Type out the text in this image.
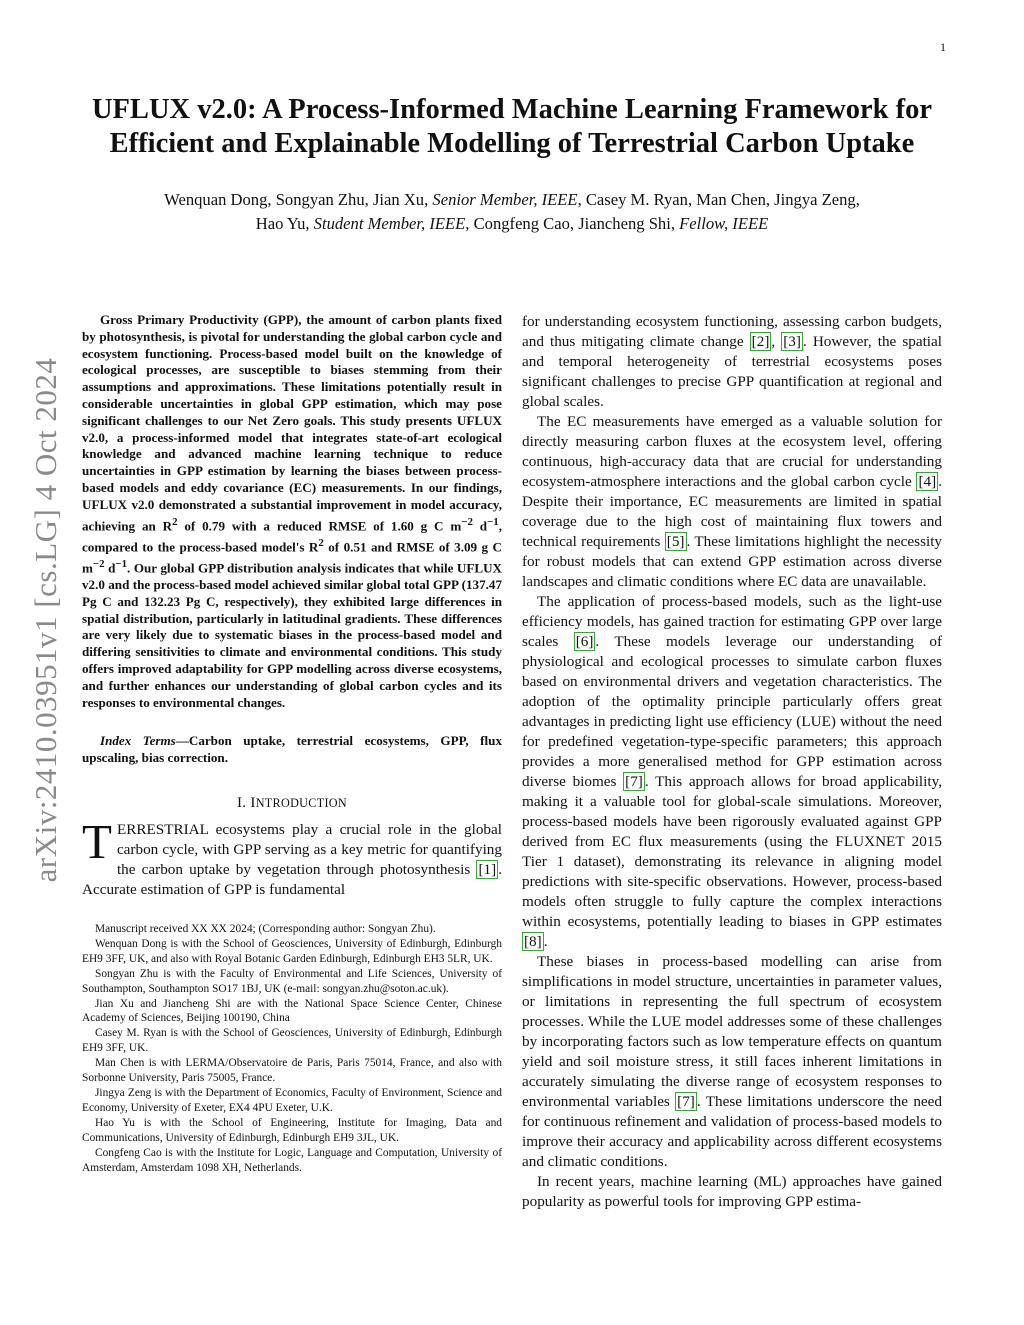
1
arXiv:2410.03951v1 [cs.LG] 4 Oct 2024
UFLUX v2.0: A Process-Informed Machine Learning Framework for
Efficient and Explainable Modelling of Terrestrial Carbon Uptake
Wenquan Dong, Songyan Zhu, Jian Xu, Senior Member, IEEE, Casey M. Ryan, Man Chen, Jingya Zeng,
Hao Yu, Student Member, IEEE, Congfeng Cao, Jiancheng Shi, Fellow, IEEE

Gross Primary Productivity (GPP), the amount of carbon plants fixed by photosynthesis, is pivotal for understanding the global carbon cycle and ecosystem functioning. Process-based model built on the knowledge of ecological processes, are susceptible to biases stemming from their assumptions and approximations. These limitations potentially result in considerable uncertainties in global GPP estimation, which may pose significant challenges to our Net Zero goals. This study presents UFLUX v2.0, a process-informed model that integrates state-of-art ecological knowledge and advanced machine learning technique to reduce uncertainties in GPP estimation by learning the biases between process-based models and eddy covariance (EC) measurements. In our findings, UFLUX v2.0 demonstrated a substantial improvement in model accuracy, achieving an $R^2$ of 0.79 with a reduced RMSE of 1.60 g C $m^{-2}$ $d^{-1}$, compared to the process-based model's $R^2$ of 0.51 and RMSE of 3.09 g C $m^{-2}$ $d^{-1}$. Our global GPP distribution analysis indicates that while UFLUX v2.0 and the process-based model achieved similar global total GPP (137.47 Pg C and 132.23 Pg C, respectively), they exhibited large differences in spatial distribution, particularly in latitudinal gradients. These differences are very likely due to systematic biases in the process-based model and differing sensitivities to climate and environmental conditions. This study offers improved adaptability for GPP modelling across diverse ecosystems, and further enhances our understanding of global carbon cycles and its responses to environmental changes.

Index Terms—Carbon uptake, terrestrial ecosystems, GPP, flux upscaling, bias correction.

I. INTRODUCTION

TERRESTRIAL ecosystems play a crucial role in the global carbon cycle, with GPP serving as a key metric for quantifying the carbon uptake by vegetation through photosynthesis [1] . Accurate estimation of GPP is fundamental

Manuscript received XX XX 2024; (Corresponding author: Songyan Zhu).

Wenquan Dong is with the School of Geosciences, University of Edinburgh, Edinburgh EH9 3FF, UK, and also with Royal Botanic Garden Edinburgh, Edinburgh EH3 5LR, UK.

Songyan Zhu is with the Faculty of Environmental and Life Sciences, University of Southampton, Southampton SO17 1BJ, UK (e-mail: songyan.zhu@soton.ac.uk).

Jian Xu and Jiancheng Shi are with the National Space Science Center, Chinese Academy of Sciences, Beijing 100190, China

Casey M. Ryan is with the School of Geosciences, University of Edinburgh, Edinburgh EH9 3FF, UK.

Man Chen is with LERMA/Observatoire de Paris, Paris 75014, France, and also with Sorbonne University, Paris 75005, France.

Jingya Zeng is with the Department of Economics, Faculty of Environment, Science and Economy, University of Exeter, EX4 4PU Exeter, U.K.

Hao Yu is with the School of Engineering, Institute for Imaging, Data and Communications, University of Edinburgh, Edinburgh EH9 3JL, UK.

Congfeng Cao is with the Institute for Logic, Language and Computation, University of Amsterdam, Amsterdam 1098 XH, Netherlands.

for understanding ecosystem functioning, assessing carbon budgets, and thus mitigating climate change [2] , [3] . However, the spatial and temporal heterogeneity of terrestrial ecosystems poses significant challenges to precise GPP quantification at regional and global scales.

The EC measurements have emerged as a valuable solution for directly measuring carbon fluxes at the ecosystem level, offering continuous, high-accuracy data that are crucial for understanding ecosystem-atmosphere interactions and the global carbon cycle [4] . Despite their importance, EC measurements are limited in spatial coverage due to the high cost of maintaining flux towers and technical requirements [5] . These limitations highlight the necessity for robust models that can extend GPP estimation across diverse landscapes and climatic conditions where EC data are unavailable.

The application of process-based models, such as the light-use efficiency models, has gained traction for estimating GPP over large scales [6] . These models leverage our understanding of physiological and ecological processes to simulate carbon fluxes based on environmental drivers and vegetation characteristics. The adoption of the optimality principle particularly offers great advantages in predicting light use efficiency (LUE) without the need for predefined vegetation-type-specific parameters; this approach provides a more generalised method for GPP estimation across diverse biomes [7] . This approach allows for broad applicability, making it a valuable tool for global-scale simulations. Moreover, process-based models have been rigorously evaluated against GPP derived from EC flux measurements (using the FLUXNET 2015 Tier 1 dataset), demonstrating its relevance in aligning model predictions with site-specific observations. However, process-based models often struggle to fully capture the complex interactions within ecosystems, potentially leading to biases in GPP estimates [8] .

These biases in process-based modelling can arise from simplifications in model structure, uncertainties in parameter values, or limitations in representing the full spectrum of ecosystem processes. While the LUE model addresses some of these challenges by incorporating factors such as low temperature effects on quantum yield and soil moisture stress, it still faces inherent limitations in accurately simulating the diverse range of ecosystem responses to environmental variables [7] . These limitations underscore the need for continuous refinement and validation of process-based models to improve their accuracy and applicability across different ecosystems and climatic conditions.

In recent years, machine learning (ML) approaches have gained popularity as powerful tools for improving GPP estima-
